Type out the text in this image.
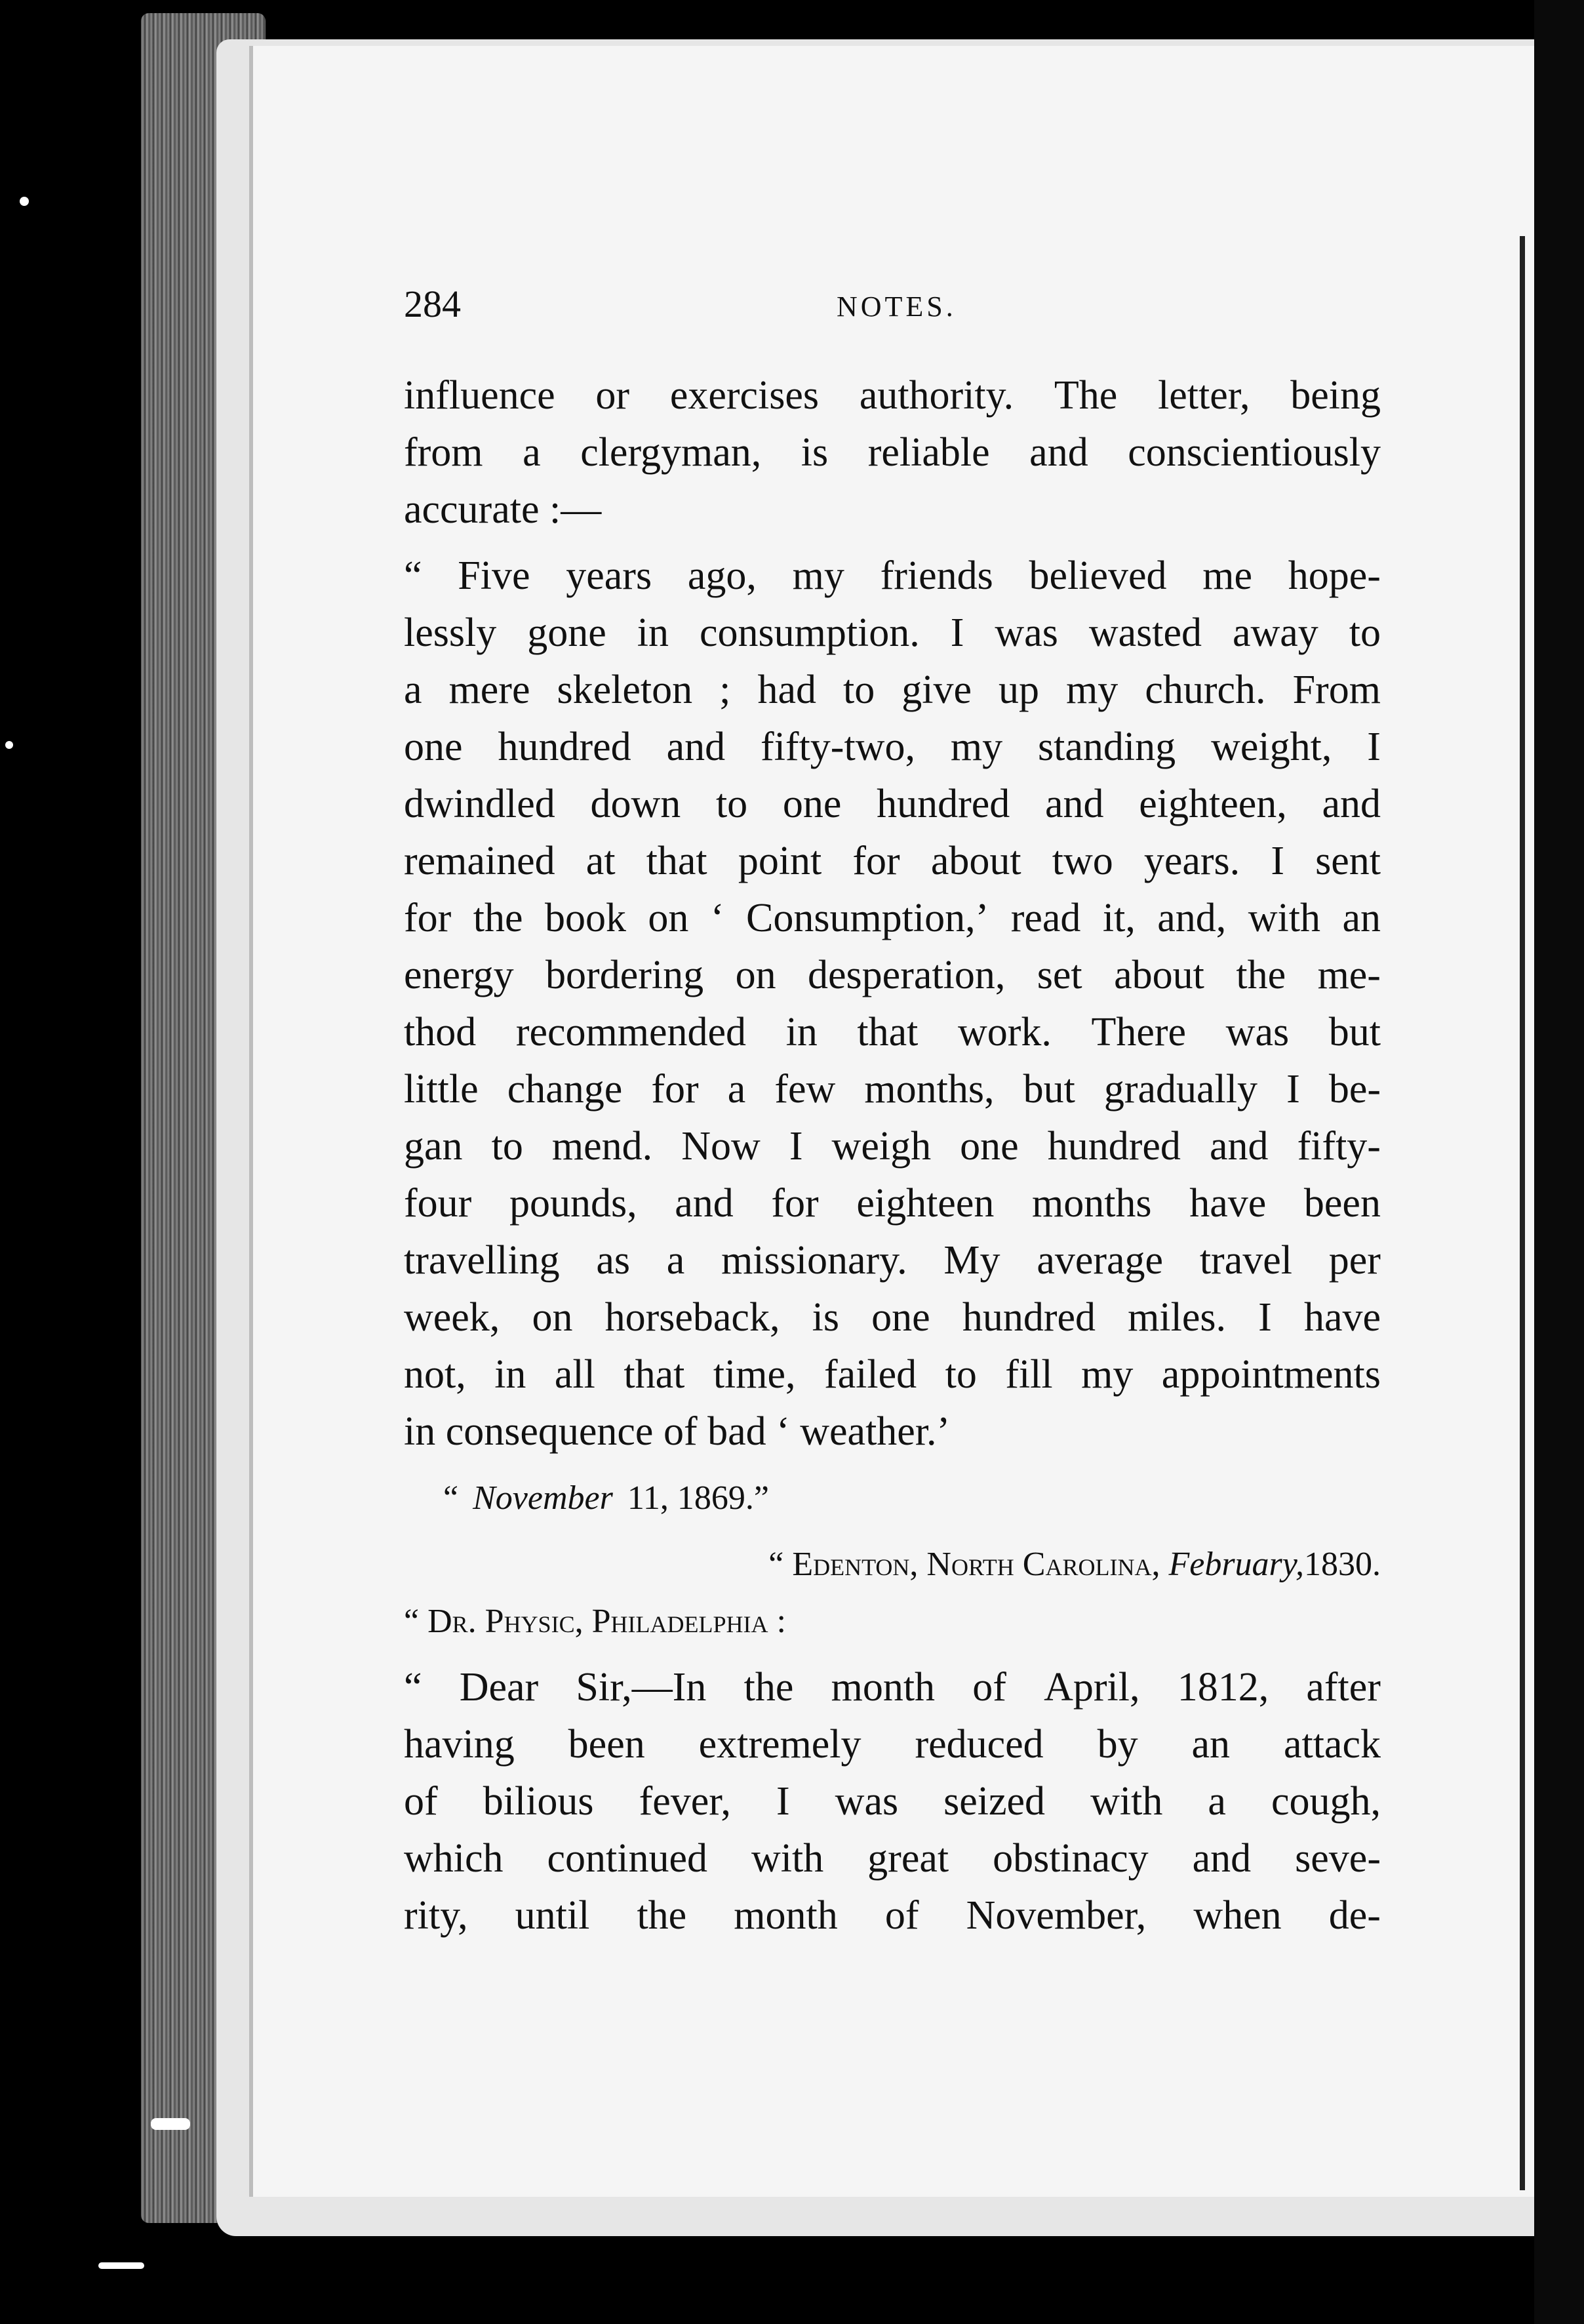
284	NOTES.
influence or exercises authority. The letter, being
from a clergyman, is reliable and conscientiously
accurate :—
“ Five years ago, my friends believed me hope-
lessly gone in consumption. I was wasted away to
a mere skeleton ; had to give up my church. From
one hundred and fifty-two, my standing weight, I
dwindled down to one hundred and eighteen, and
remained at that point for about two years. I sent
for the book on ‘ Consumption,’ read it, and, with an
energy bordering on desperation, set about the me-
thod recommended in that work. There was but
little change for a few months, but gradually I be-
gan to mend. Now I weigh one hundred and fifty-
four pounds, and for eighteen months have been
travelling as a missionary. My average travel per
week, on horseback, is one hundred miles. I have
not, in all that time, failed to fill my appointments
in consequence of bad ‘ weather.’
“ November 11, 1869.”
“ Edenton, North Carolina,
February, 1830.
“ Dr. Physic, Philadelphia :
“ Dear Sir,—In the month of April, 1812, after
having been extremely reduced by an attack
of bilious fever, I was seized with a cough,
which continued with great obstinacy and seve-
rity, until the month of November, when de-
